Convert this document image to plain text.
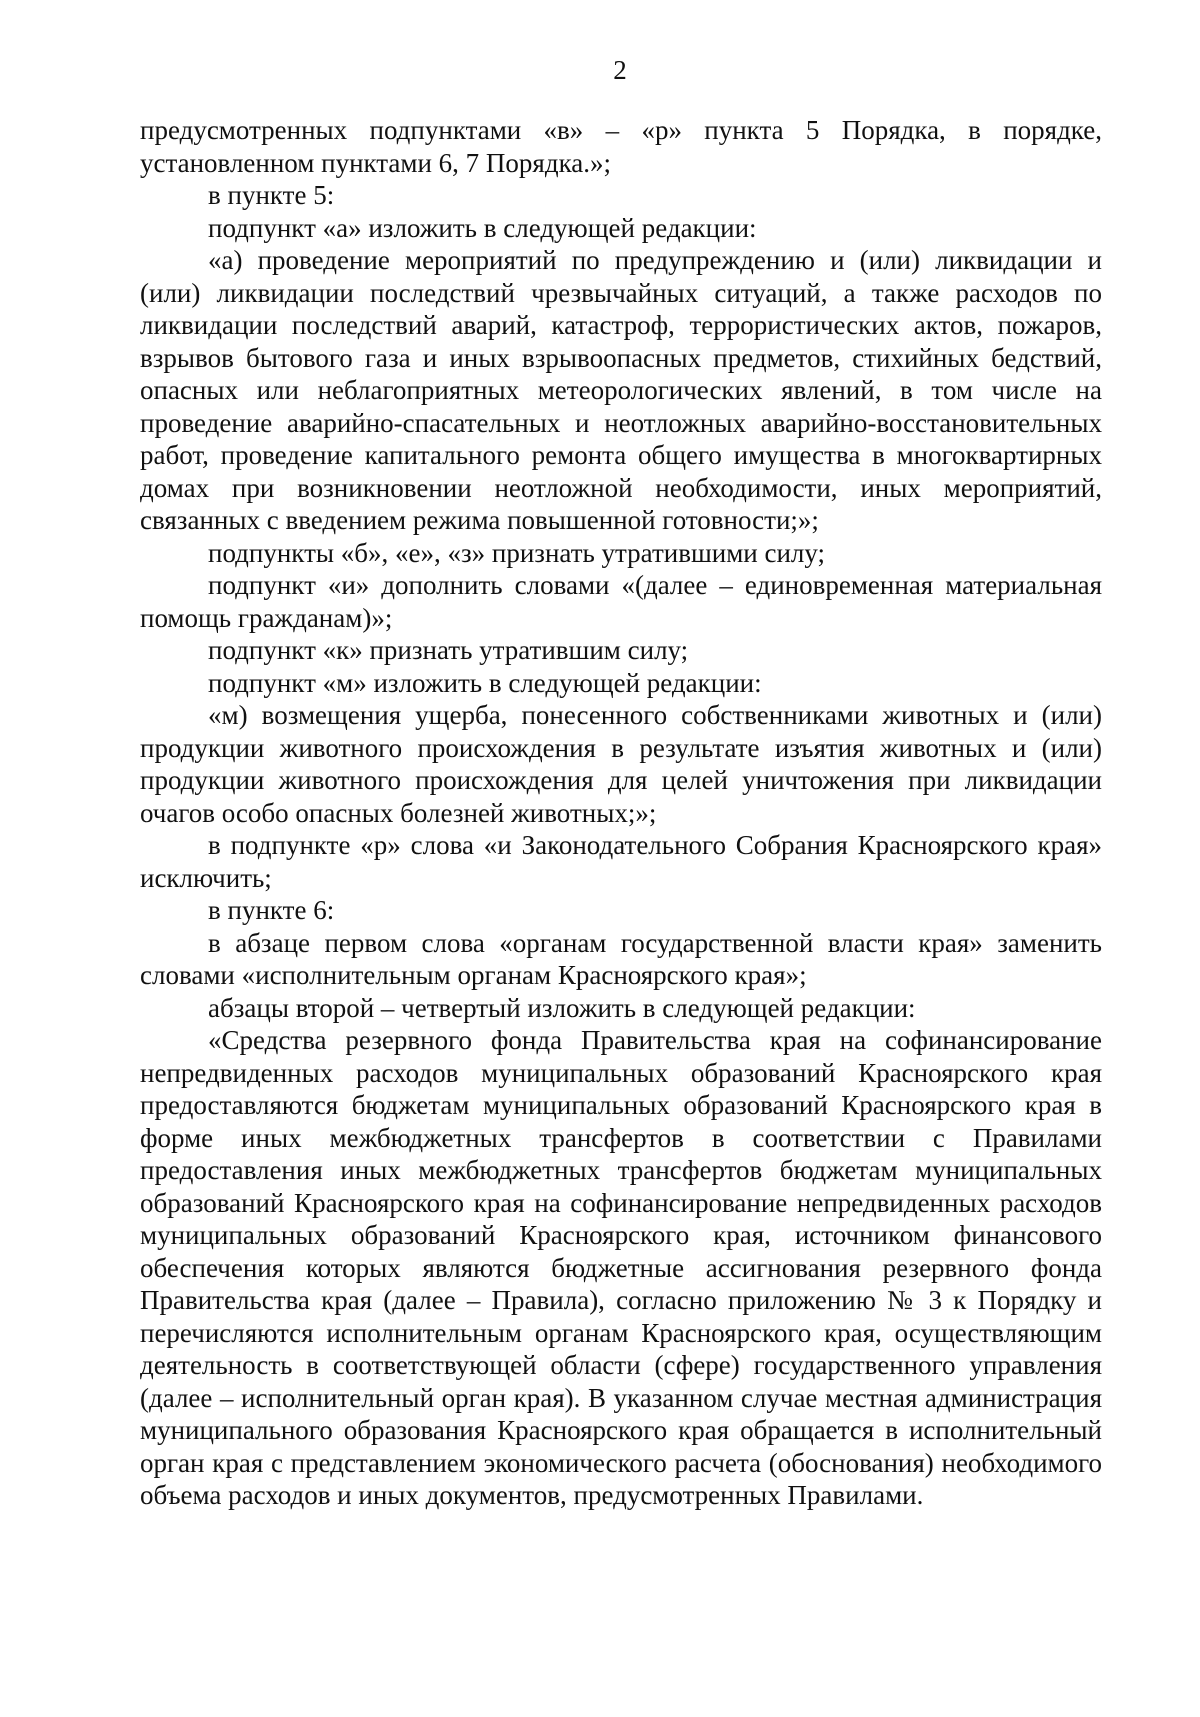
2

предусмотренных подпунктами «в» – «р» пункта 5 Порядка, в порядке, установленном пунктами 6, 7 Порядка.»;

в пункте 5:

подпункт «а» изложить в следующей редакции:

«а) проведение мероприятий по предупреждению и (или) ликвидации и (или) ликвидации последствий чрезвычайных ситуаций, а также расходов по ликвидации последствий аварий, катастроф, террористических актов, пожаров, взрывов бытового газа и иных взрывоопасных предметов, стихийных бедствий, опасных или неблагоприятных метеорологических явлений, в том числе на проведение аварийно-спасательных и неотложных аварийно-восстановительных работ, проведение капитального ремонта общего имущества в многоквартирных домах при возникновении неотложной необходимости, иных мероприятий, связанных с введением режима повышенной готовности;»;

подпункты «б», «е», «з» признать утратившими силу;

подпункт «и» дополнить словами «(далее – единовременная материальная помощь гражданам)»;

подпункт «к» признать утратившим силу;

подпункт «м» изложить в следующей редакции:

«м) возмещения ущерба, понесенного собственниками животных и (или) продукции животного происхождения в результате изъятия животных и (или) продукции животного происхождения для целей уничтожения при ликвидации очагов особо опасных болезней животных;»;

в подпункте «р» слова «и Законодательного Собрания Красноярского края» исключить;

в пункте 6:

в абзаце первом слова «органам государственной власти края» заменить словами «исполнительным органам Красноярского края»;

абзацы второй – четвертый изложить в следующей редакции:

«Средства резервного фонда Правительства края на софинансирование непредвиденных расходов муниципальных образований Красноярского края предоставляются бюджетам муниципальных образований Красноярского края в форме иных межбюджетных трансфертов в соответствии с Правилами предоставления иных межбюджетных трансфертов бюджетам муниципальных образований Красноярского края на софинансирование непредвиденных расходов муниципальных образований Красноярского края, источником финансового обеспечения которых являются бюджетные ассигнования резервного фонда Правительства края (далее – Правила), согласно приложению № 3 к Порядку и перечисляются исполнительным органам Красноярского края, осуществляющим деятельность в соответствующей области (сфере) государственного управления (далее – исполнительный орган края). В указанном случае местная администрация муниципального образования Красноярского края обращается в исполнительный орган края с представлением экономического расчета (обоснования) необходимого объема расходов и иных документов, предусмотренных Правилами.
